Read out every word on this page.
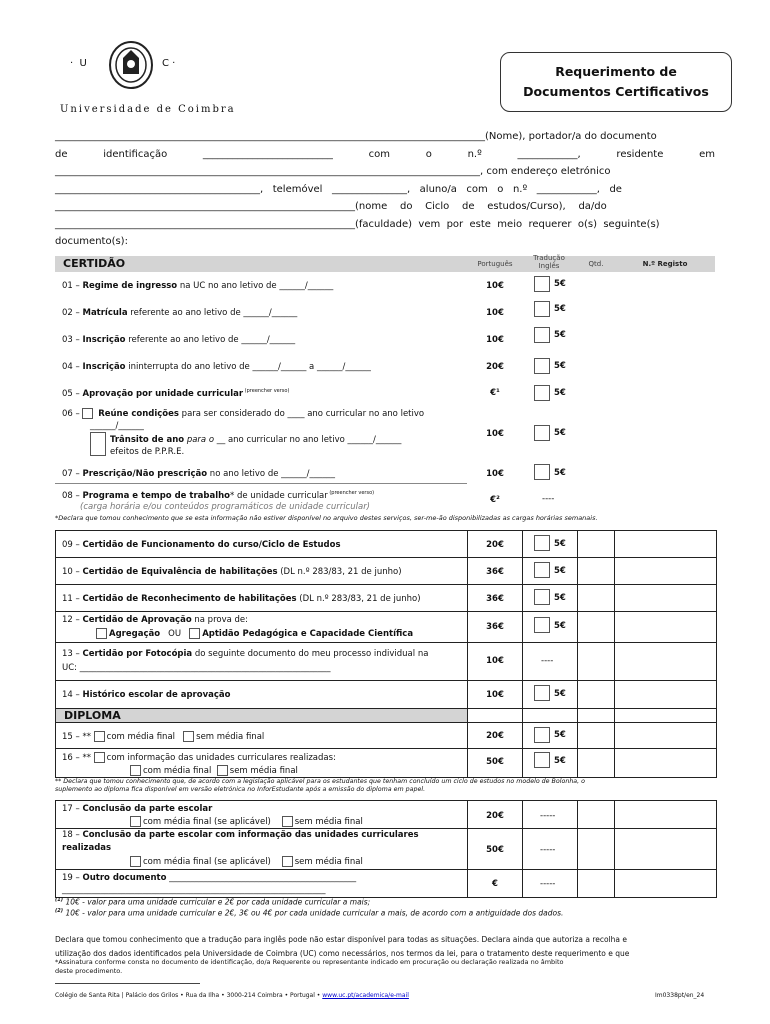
·  U	C ·
Universidade de Coimbra
Requerimento de
Documentos Certificativos
______________________________________________________________________________________(Nome), portador/a do documento
de	identificação	__________________________	com	o	n.º	____________,	residente	em
_____________________________________________________________________________________, com endereço eletrónico
_________________________________________,   telemóvel   _______________,   aluno/a   com   o   n.º   ____________,   de
____________________________________________________________(nome    do    Ciclo    de    estudos/Curso),    da/do
____________________________________________________________(faculdade)  vem  por  este  meio  requerer  o(s)  seguinte(s)
documento(s):
CERTIDÃO	Português
Tradução
Inglês	Qtd.	N.º Registo
01 – Regime de ingresso na UC no ano letivo de ______/______	10€	5€
02 – Matrícula referente ao ano letivo de ______/______	10€	5€
03 – Inscrição referente ao ano letivo de ______/______	10€	5€
04 – Inscrição ininterrupta do ano letivo de ______/______ a ______/______	20€	5€
05 – Aprovação por unidade curricular $^{(preencher verso)}$	€¹	5€
06 –  Reúne condições para ser considerado do ____ ano curricular no ano letivo
______/______
Trânsito de ano para o __ ano curricular no ano letivo ______/______
efeitos de P.P.R.E.
10€	5€
07 – Prescrição/Não prescrição no ano letivo de ______/______	10€	5€
08 – Programa e tempo de trabalho* de unidade curricular $^{(preencher verso)}$
(carga horária e/ou conteúdos programáticos de unidade curricular)
€²	----
*Declara que tomou conhecimento que se esta informação não estiver disponível no arquivo destes serviços, ser-me-ão disponibilizadas as cargas horárias semanais.
DIPLOMA
09 – Certidão de Funcionamento do curso/Ciclo de Estudos	20€	5€
10 – Certidão de Equivalência de habilitações (DL n.º 283/83, 21 de junho)	36€	5€
11 – Certidão de Reconhecimento de habilitações (DL n.º 283/83, 21 de junho)	36€	5€
12 – Certidão de Aprovação na prova de:
Agregação OU Aptidão Pedagógica e Capacidade Científica
36€	5€
13 – Certidão por Fotocópia do seguinte documento do meu processo individual na
UC: ___________________________________________________________
10€	----
14 – Histórico escolar de aprovação	10€	5€
15 – ** com média final sem média final	20€	5€
16 – ** com informação das unidades curriculares realizadas:
com média final sem média final
50€	5€
** Declara que tomou conhecimento que, de acordo com a legislação aplicável para os estudantes que tenham concluído um ciclo de estudos no modelo de Bolonha, o
suplemento ao diploma fica disponível em versão eletrónica no InforEstudante após a emissão do diploma em papel.
17 – Conclusão da parte escolar
com média final (se aplicável)	sem média final
20€	-----
18 – Conclusão da parte escolar com informação das unidades curriculares
realizadas
com média final (se aplicável)	sem média final
50€	-----
19 – Outro documento ____________________________________________
______________________________________________________________
€	-----
$^{(1)}$ 10€ - valor para uma unidade curricular e 2€ por cada unidade curricular a mais;
$^{(2)}$ 10€ - valor para uma unidade curricular e 2€, 3€ ou 4€ por cada unidade curricular a mais, de acordo com a antiguidade dos dados.
Declara que tomou conhecimento que a tradução para inglês pode não estar disponível para todas as situações. Declara ainda que autoriza a recolha e
utilização dos dados identificados pela Universidade de Coimbra (UC) como necessários, nos termos da lei, para o tratamento deste requerimento e que
*Assinatura conforme consta no documento de identificação, do/a Requerente ou representante indicado em procuração ou declaração realizada no âmbito
deste procedimento.
Colégio de Santa Rita | Palácio dos Grilos • Rua da Ilha • 3000-214 Coimbra • Portugal • www.uc.pt/academica/e-mail	Im0338pt/en_24
